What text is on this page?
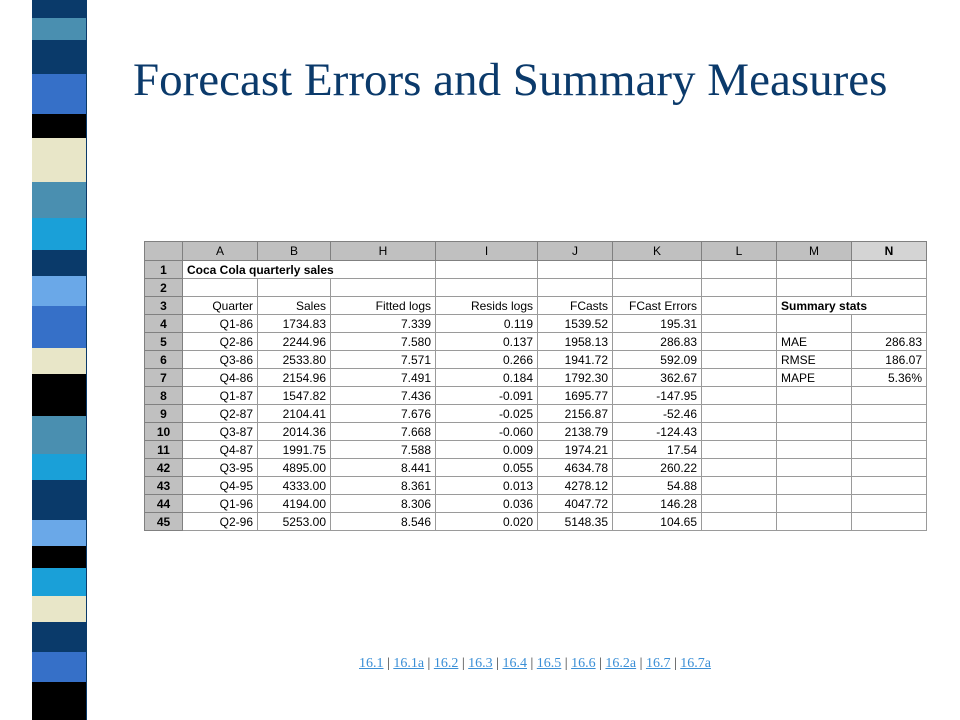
Forecast Errors and Summary Measures
	A	B	H	I	J	K	L	M	N
1	Coca Cola quarterly sales								
2									
3	Quarter	Sales	Fitted logs	Resids logs	FCasts	FCast Errors		Summary stats	
4	Q1-86	1734.83	7.339	0.119	1539.52	195.31			
5	Q2-86	2244.96	7.580	0.137	1958.13	286.83		MAE	286.83
6	Q3-86	2533.80	7.571	0.266	1941.72	592.09		RMSE	186.07
7	Q4-86	2154.96	7.491	0.184	1792.30	362.67		MAPE	5.36%
8	Q1-87	1547.82	7.436	-0.091	1695.77	-147.95			
9	Q2-87	2104.41	7.676	-0.025	2156.87	-52.46			
10	Q3-87	2014.36	7.668	-0.060	2138.79	-124.43			
11	Q4-87	1991.75	7.588	0.009	1974.21	17.54			
42	Q3-95	4895.00	8.441	0.055	4634.78	260.22			
43	Q4-95	4333.00	8.361	0.013	4278.12	54.88			
44	Q1-96	4194.00	8.306	0.036	4047.72	146.28			
45	Q2-96	5253.00	8.546	0.020	5148.35	104.65			
16.1 | 16.1a | 16.2 | 16.3 | 16.4 | 16.5 | 16.6 | 16.2a | 16.7 | 16.7a
